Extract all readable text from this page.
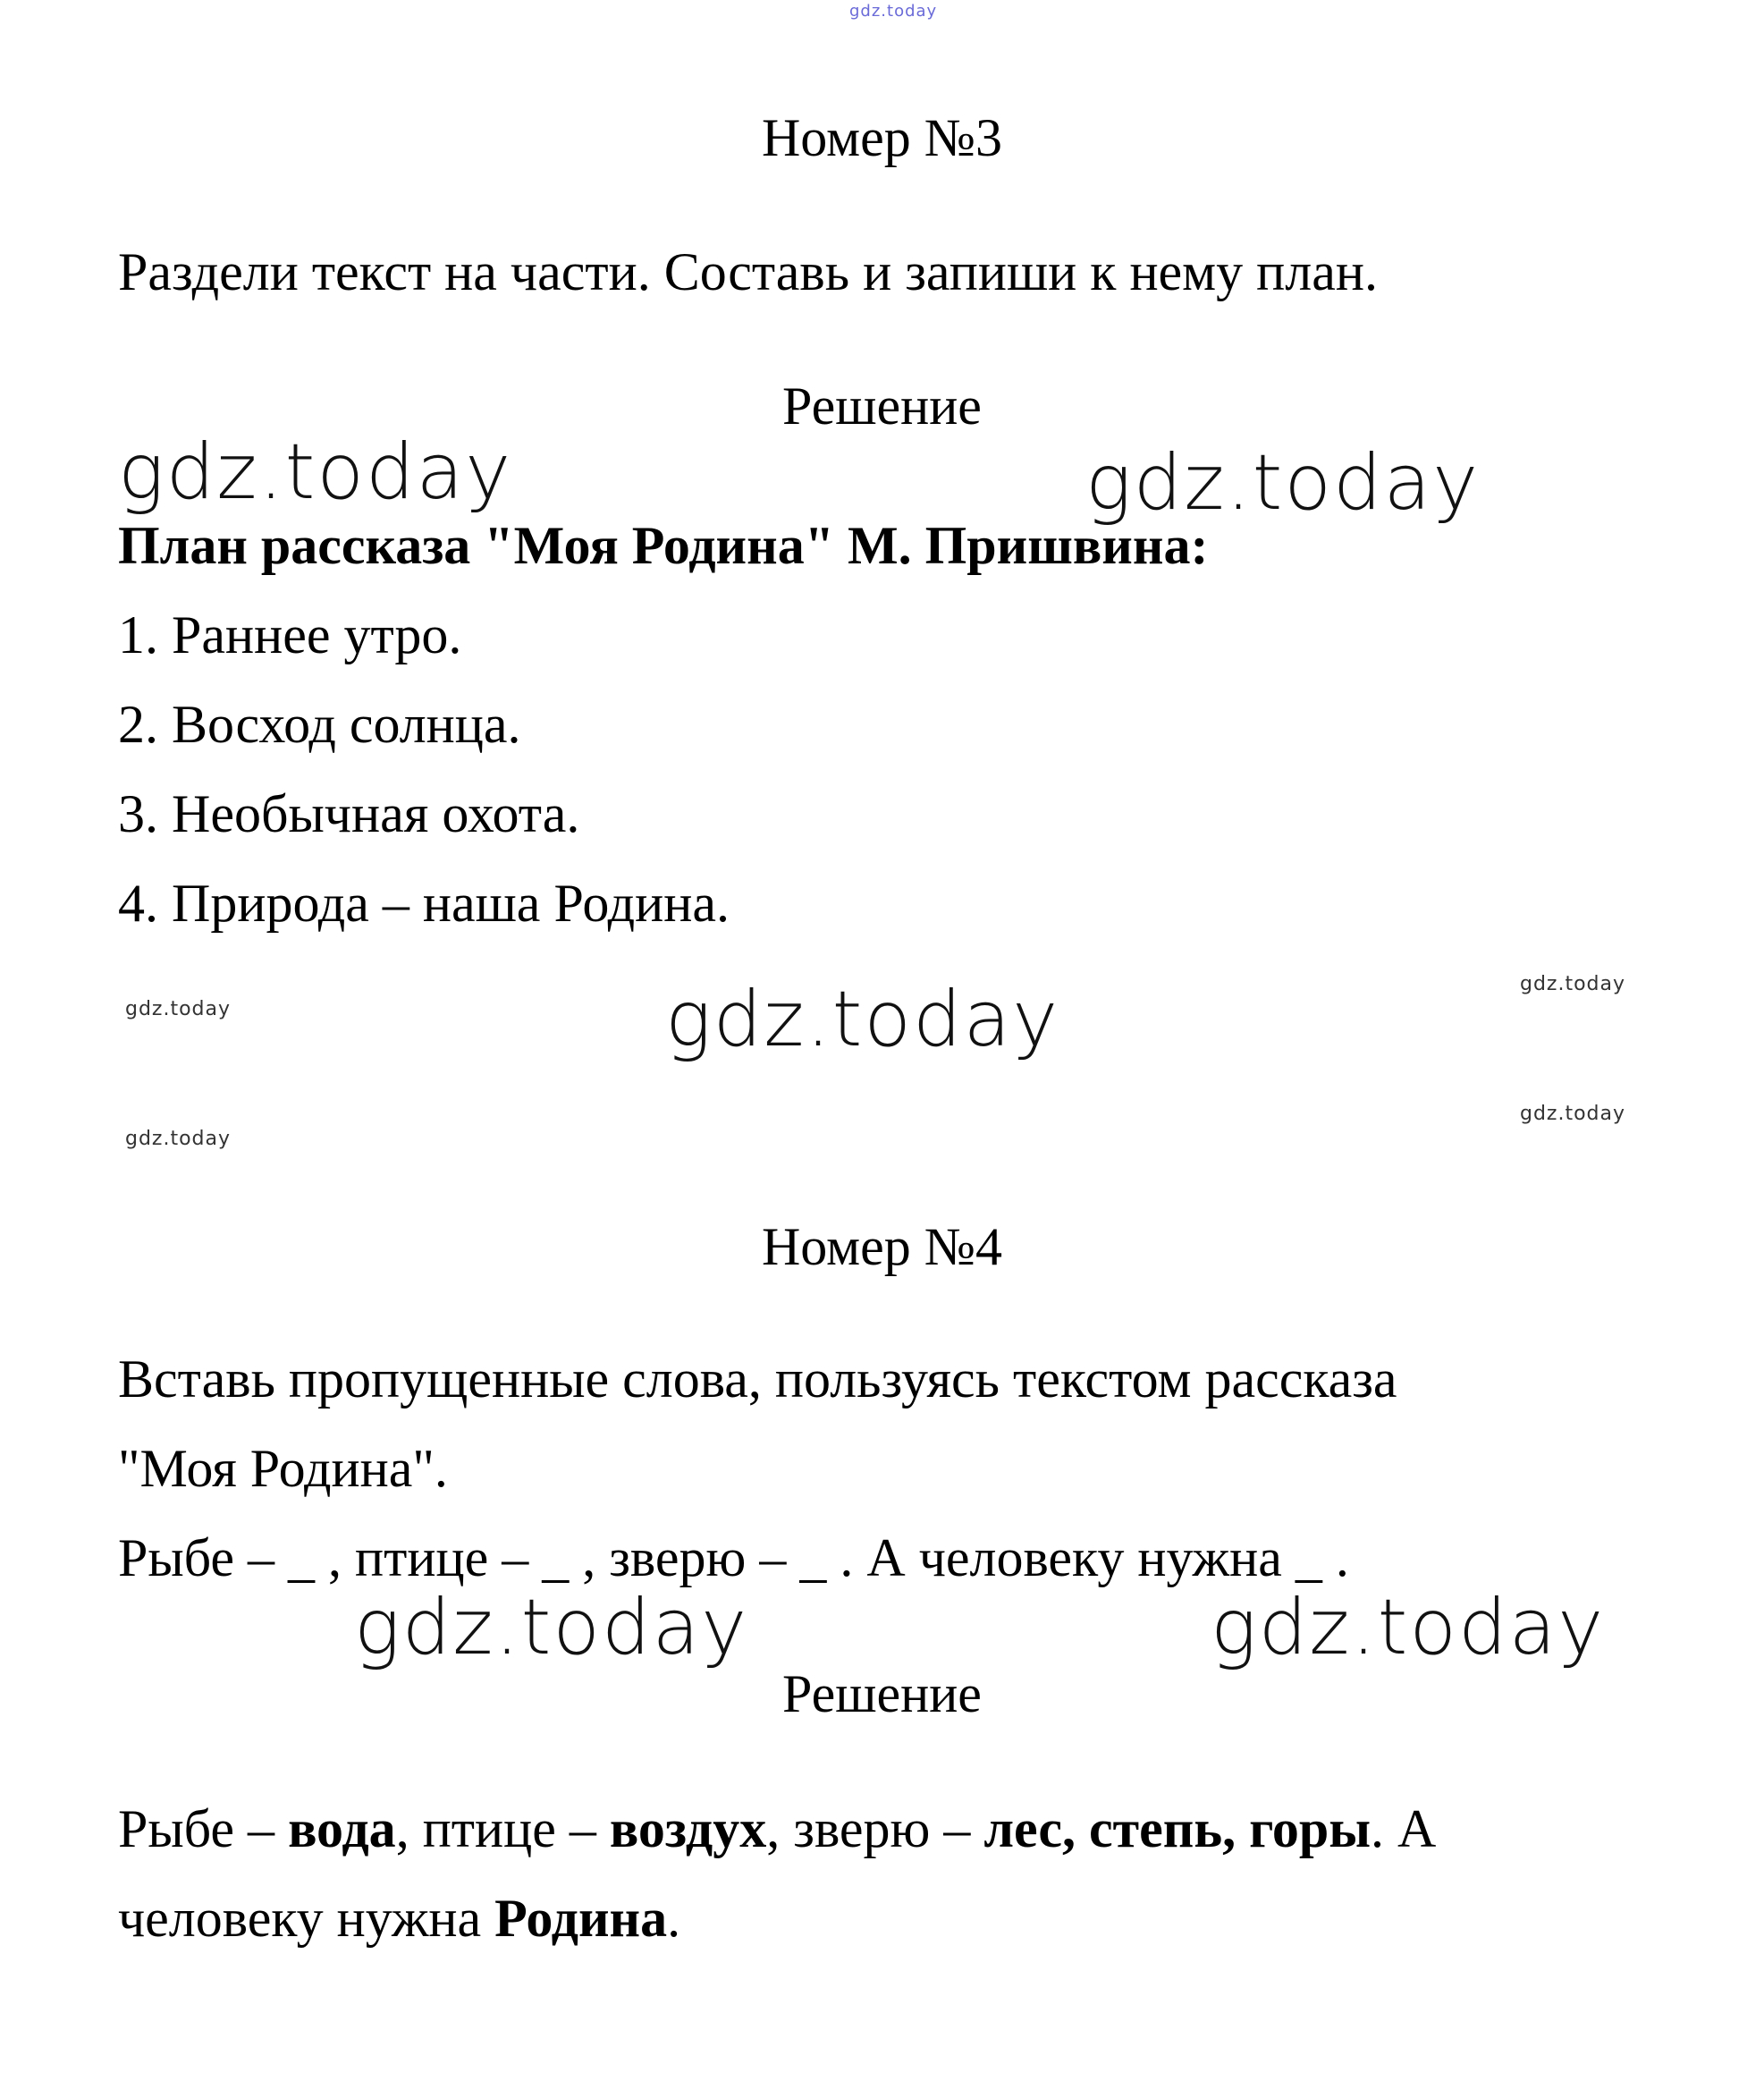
gdz.today
Номер №3
Раздели текст на части. Составь и запиши к нему план.
Решение
gdz.today	gdz.today
План рассказа "Моя Родина" М. Пришвина:
1. Раннее утро.
2. Восход солнца.
3. Необычная охота.
4. Природа – наша Родина.
gdz.today
gdz.today	gdz.today
gdz.today
gdz.today
Номер №4
Вставь пропущенные слова, пользуясь текстом рассказа
"Моя Родина".
Рыбе – _ , птице – _ , зверю – _ . А человеку нужна _ .
gdz.today	gdz.today
Решение
Рыбе – вода, птице – воздух, зверю – лес, степь, горы. А
человеку нужна Родина.
